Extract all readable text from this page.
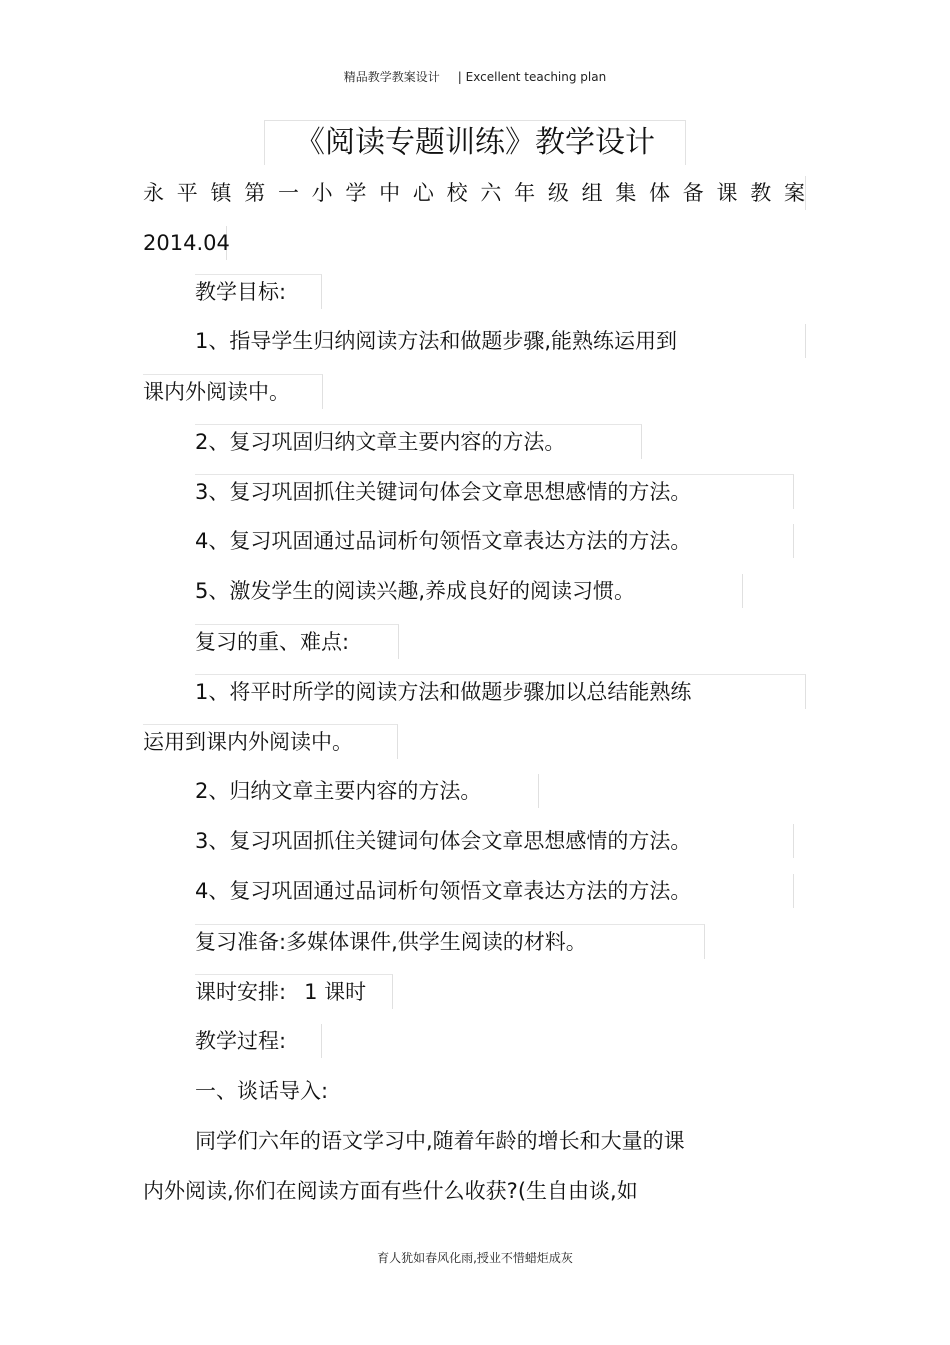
精品教学教案设计 | Excellent teaching plan
《阅读专题训练》教学设计
永平镇第一小学中心校六年级组集体备课教案
2014.04
教学目标:
1、指导学生归纳阅读方法和做题步骤,能熟练运用到
课内外阅读中。
2、复习巩固归纳文章主要内容的方法。
3、复习巩固抓住关键词句体会文章思想感情的方法。
4、复习巩固通过品词析句领悟文章表达方法的方法。
5、激发学生的阅读兴趣,养成良好的阅读习惯。
复习的重、难点:
1、将平时所学的阅读方法和做题步骤加以总结能熟练
运用到课内外阅读中。
2、归纳文章主要内容的方法。
3、复习巩固抓住关键词句体会文章思想感情的方法。
4、复习巩固通过品词析句领悟文章表达方法的方法。
复习准备:多媒体课件,供学生阅读的材料。
课时安排: 1 课时
教学过程:
一、谈话导入:
同学们六年的语文学习中,随着年龄的增长和大量的课
内外阅读,你们在阅读方面有些什么收获?(生自由谈,如
育人犹如春风化雨,授业不惜蜡炬成灰
